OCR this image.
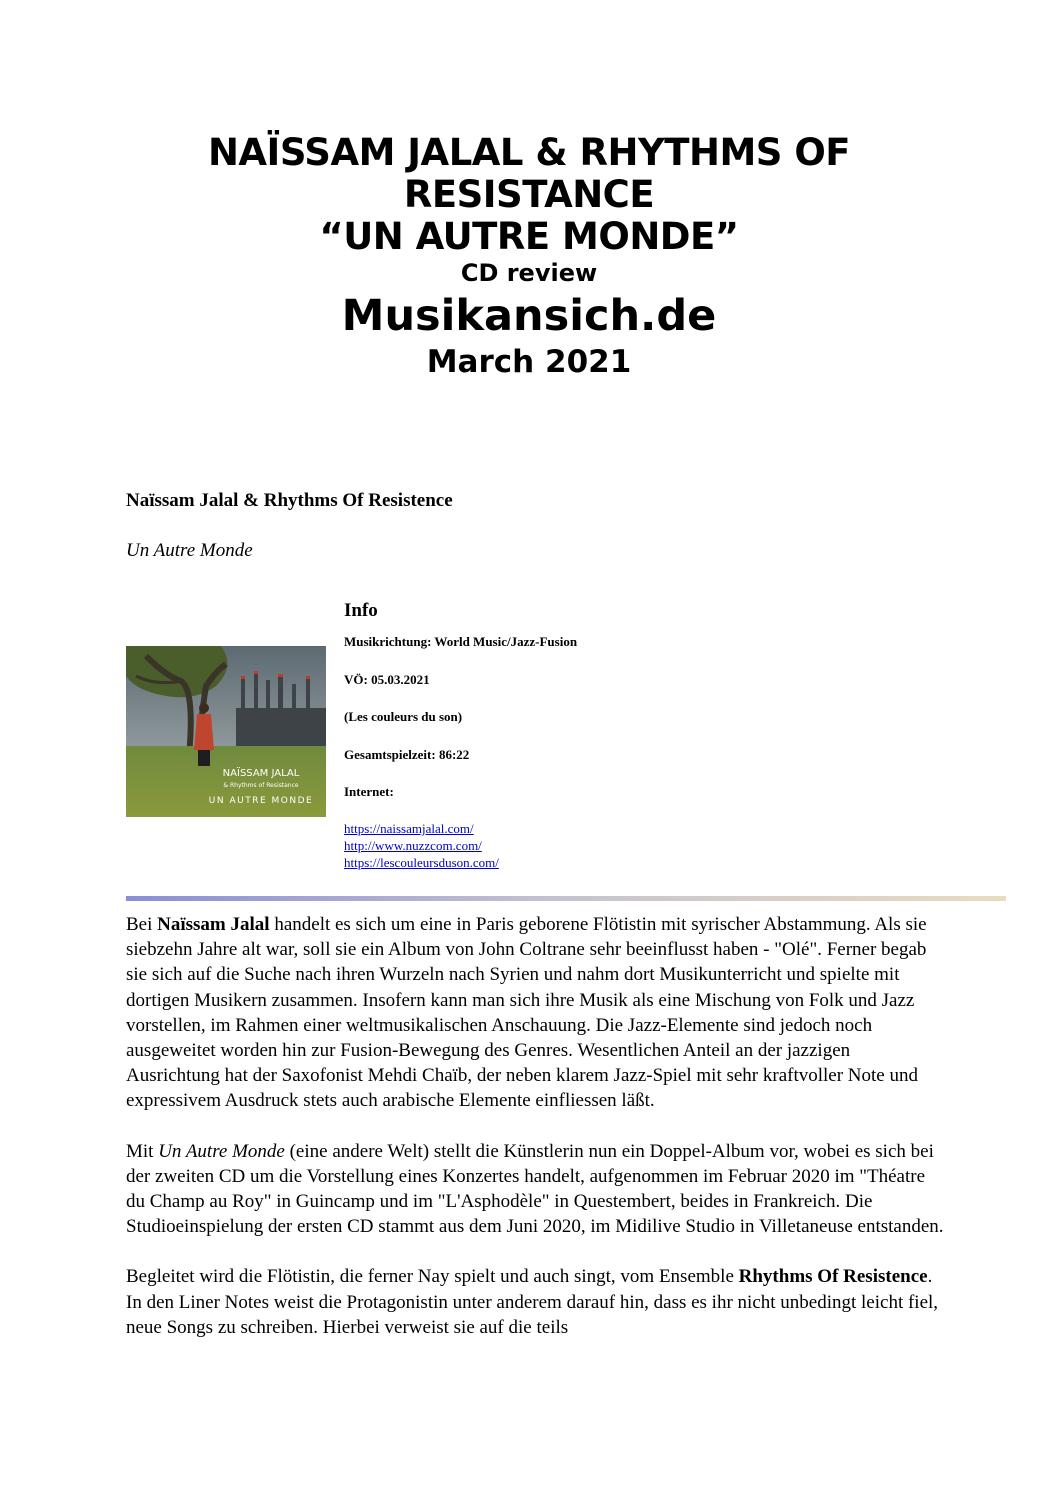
NAÏSSAM JALAL & RHYTHMS OF
RESISTANCE
“UN AUTRE MONDE”
CD review
Musikansich.de
March 2021
Naïssam Jalal & Rhythms Of Resistence
Un Autre Monde
NAÏSSAM JALAL
& Rhythms of Resistance
UN AUTRE MONDE
Info
Musikrichtung: World Music/Jazz-Fusion
VÖ: 05.03.2021
(Les couleurs du son)
Gesamtspielzeit: 86:22
Internet:
https://naissamjalal.com/
http://www.nuzzcom.com/
https://lescouleursduson.com/

Bei Naïssam Jalal handelt es sich um eine in Paris geborene Flötistin mit syrischer Abstammung. Als sie siebzehn Jahre alt war, soll sie ein Album von John Coltrane sehr beeinflusst haben - "Olé". Ferner begab sie sich auf die Suche nach ihren Wurzeln nach Syrien und nahm dort Musikunterricht und spielte mit dortigen Musikern zusammen. Insofern kann man sich ihre Musik als eine Mischung von Folk und Jazz vorstellen, im Rahmen einer weltmusikalischen Anschauung. Die Jazz-Elemente sind jedoch noch ausgeweitet worden hin zur Fusion-Bewegung des Genres. Wesentlichen Anteil an der jazzigen Ausrichtung hat der Saxofonist Mehdi Chaïb, der neben klarem Jazz-Spiel mit sehr kraftvoller Note und expressivem Ausdruck stets auch arabische Elemente einfliessen läßt.

Mit Un Autre Monde (eine andere Welt) stellt die Künstlerin nun ein Doppel-Album vor, wobei es sich bei der zweiten CD um die Vorstellung eines Konzertes handelt, aufgenommen im Februar 2020 im "Théatre du Champ au Roy" in Guincamp und im "L'Asphodèle" in Questembert, beides in Frankreich. Die Studioeinspielung der ersten CD stammt aus dem Juni 2020, im Midilive Studio in Villetaneuse entstanden.

Begleitet wird die Flötistin, die ferner Nay spielt und auch singt, vom Ensemble Rhythms Of Resistence. In den Liner Notes weist die Protagonistin unter anderem darauf hin, dass es ihr nicht unbedingt leicht fiel, neue Songs zu schreiben. Hierbei verweist sie auf die teils
